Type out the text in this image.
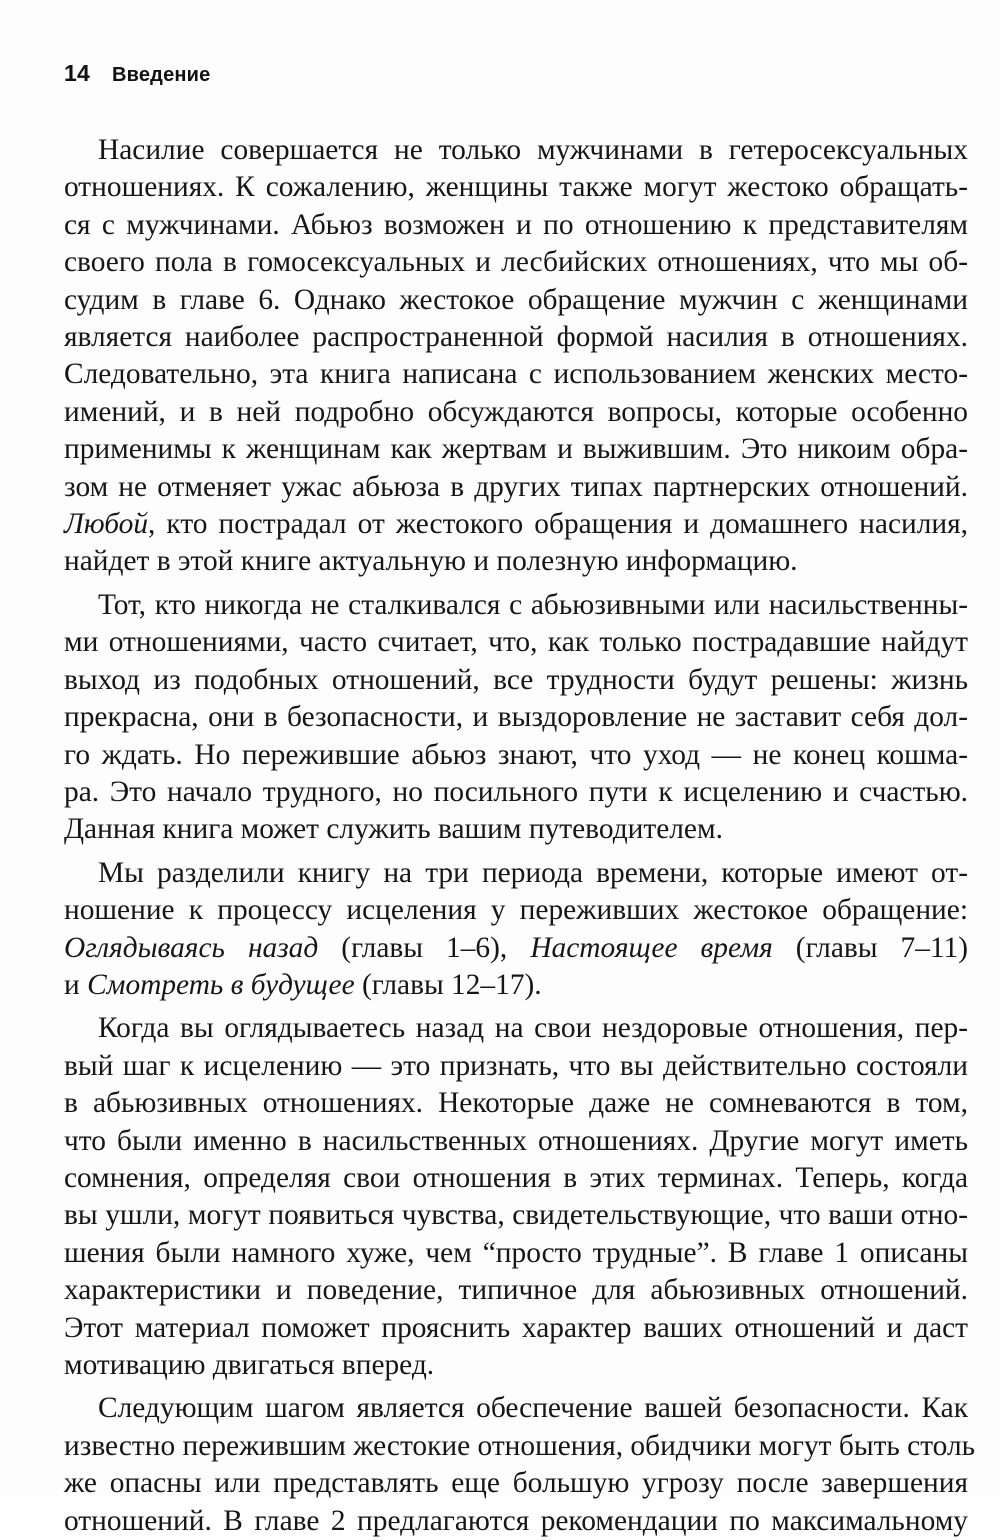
14 Введение
Насилие совершается не только мужчинами в гетеросексуальных
отношениях. К сожалению, женщины также могут жестоко обращать-
ся с мужчинами. Абьюз возможен и по отношению к представителям
своего пола в гомосексуальных и лесбийских отношениях, что мы об-
судим в главе 6. Однако жестокое обращение мужчин с женщинами
является наиболее распространенной формой насилия в отношениях.
Следовательно, эта книга написана с использованием женских место-
имений, и в ней подробно обсуждаются вопросы, которые особенно
применимы к женщинам как жертвам и выжившим. Это никоим обра-
зом не отменяет ужас абьюза в других типах партнерских отношений.
Любой, кто пострадал от жестокого обращения и домашнего насилия,
найдет в этой книге актуальную и полезную информацию.
Тот, кто никогда не сталкивался с абьюзивными или насильственны-
ми отношениями, часто считает, что, как только пострадавшие найдут
выход из подобных отношений, все трудности будут решены: жизнь
прекрасна, они в безопасности, и выздоровление не заставит себя дол-
го ждать. Но пережившие абьюз знают, что уход — не конец кошма-
ра. Это начало трудного, но посильного пути к исцелению и счастью.
Данная книга может служить вашим путеводителем.
Мы разделили книгу на три периода времени, которые имеют от-
ношение к процессу исцеления у переживших жестокое обращение:
Оглядываясь назад (главы 1–6), Настоящее время (главы 7–11)
и Смотреть в будущее (главы 12–17).
Когда вы оглядываетесь назад на свои нездоровые отношения, пер-
вый шаг к исцелению — это признать, что вы действительно состояли
в абьюзивных отношениях. Некоторые даже не сомневаются в том,
что были именно в насильственных отношениях. Другие могут иметь
сомнения, определяя свои отношения в этих терминах. Теперь, когда
вы ушли, могут появиться чувства, свидетельствующие, что ваши отно-
шения были намного хуже, чем “просто трудные”. В главе 1 описаны
характеристики и поведение, типичное для абьюзивных отношений.
Этот материал поможет прояснить характер ваших отношений и даст
мотивацию двигаться вперед.
Следующим шагом является обеспечение вашей безопасности. Как
известно пережившим жестокие отношения, обидчики могут быть столь
же опасны или представлять еще большую угрозу после завершения
отношений. В главе 2 предлагаются рекомендации по максимальному
